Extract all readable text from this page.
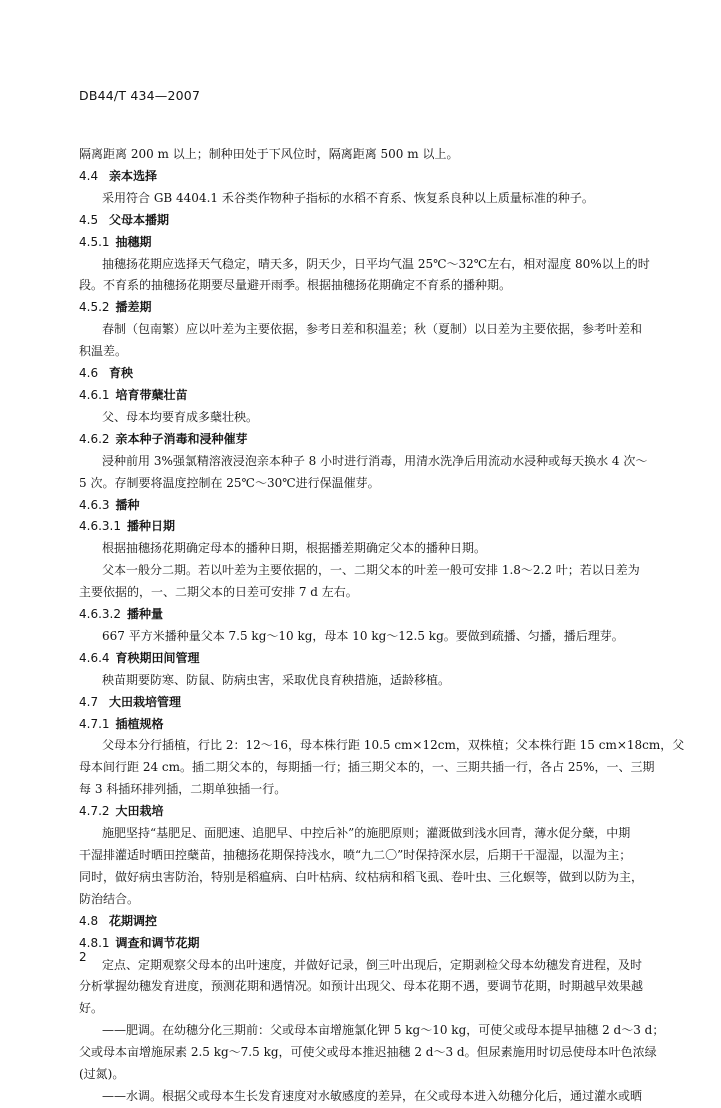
DB44/T 434—2007
隔离距离 200 m 以上；制种田处于下风位时，隔离距离 500 m 以上。
4.4 亲本选择
采用符合 GB 4404.1 禾谷类作物种子指标的水稻不育系、恢复系良种以上质量标准的种子。
4.5 父母本播期
4.5.1 抽穗期
抽穗扬花期应选择天气稳定，晴天多，阴天少，日平均气温 25℃～32℃左右，相对湿度 80%以上的时
段。不育系的抽穗扬花期要尽量避开雨季。根据抽穗扬花期确定不育系的播种期。
4.5.2 播差期
春制（包南繁）应以叶差为主要依据，参考日差和积温差；秋（夏制）以日差为主要依据，参考叶差和
积温差。
4.6 育秧
4.6.1 培育带蘖壮苗
父、母本均要育成多蘖壮秧。
4.6.2 亲本种子消毒和浸种催芽
浸种前用 3%强氯精溶液浸泡亲本种子 8 小时进行消毒，用清水洗净后用流动水浸种或每天换水 4 次～
5 次。存制要将温度控制在 25℃～30℃进行保温催芽。
4.6.3 播种
4.6.3.1 播种日期
根据抽穗扬花期确定母本的播种日期，根据播差期确定父本的播种日期。
父本一般分二期。若以叶差为主要依据的，一、二期父本的叶差一般可安排 1.8～2.2 叶；若以日差为
主要依据的，一、二期父本的日差可安排 7 d 左右。
4.6.3.2 播种量
667 平方米播种量父本 7.5 kg～10 kg，母本 10 kg～12.5 kg。要做到疏播、匀播，播后理芽。
4.6.4 育秧期田间管理
秧苗期要防寒、防鼠、防病虫害，采取优良育秧措施，适龄移植。
4.7 大田栽培管理
4.7.1 插植规格
父母本分行插植，行比 2：12～16，母本株行距 10.5 cm×12cm，双株植；父本株行距 15 cm×18cm，父
母本间行距 24 cm。插二期父本的，每期插一行；插三期父本的，一、三期共插一行，各占 25%，一、三期
每 3 科插环排列插，二期单独插一行。
4.7.2 大田栽培
施肥坚持“基肥足、面肥速、追肥早、中控后补”的施肥原则；灌溉做到浅水回青，薄水促分蘖，中期
干湿排灌适时晒田控蘖苗，抽穗扬花期保持浅水，喷“九二〇”时保持深水层，后期干干湿湿，以湿为主；
同时，做好病虫害防治，特别是稻瘟病、白叶枯病、纹枯病和稻飞虱、卷叶虫、三化螟等，做到以防为主，
防治结合。
4.8 花期调控
4.8.1 调查和调节花期
定点、定期观察父母本的出叶速度，并做好记录，倒三叶出现后，定期剥检父母本幼穗发育进程，及时
分析掌握幼穗发育进度，预测花期和遇情况。如预计出现父、母本花期不遇，要调节花期，时期越早效果越
好。
——肥调。在幼穗分化三期前：父或母本亩增施氯化钾 5 kg～10 kg，可使父或母本提早抽穗 2 d～3 d；
父或母本亩增施尿素 2.5 kg～7.5 kg，可使父或母本推迟抽穗 2 d～3 d。但尿素施用时切忌使母本叶色浓绿
(过氮)。
——水调。根据父或母本生长发育速度对水敏感度的差异，在父或母本进入幼穗分化后，通过灌水或晒
2
